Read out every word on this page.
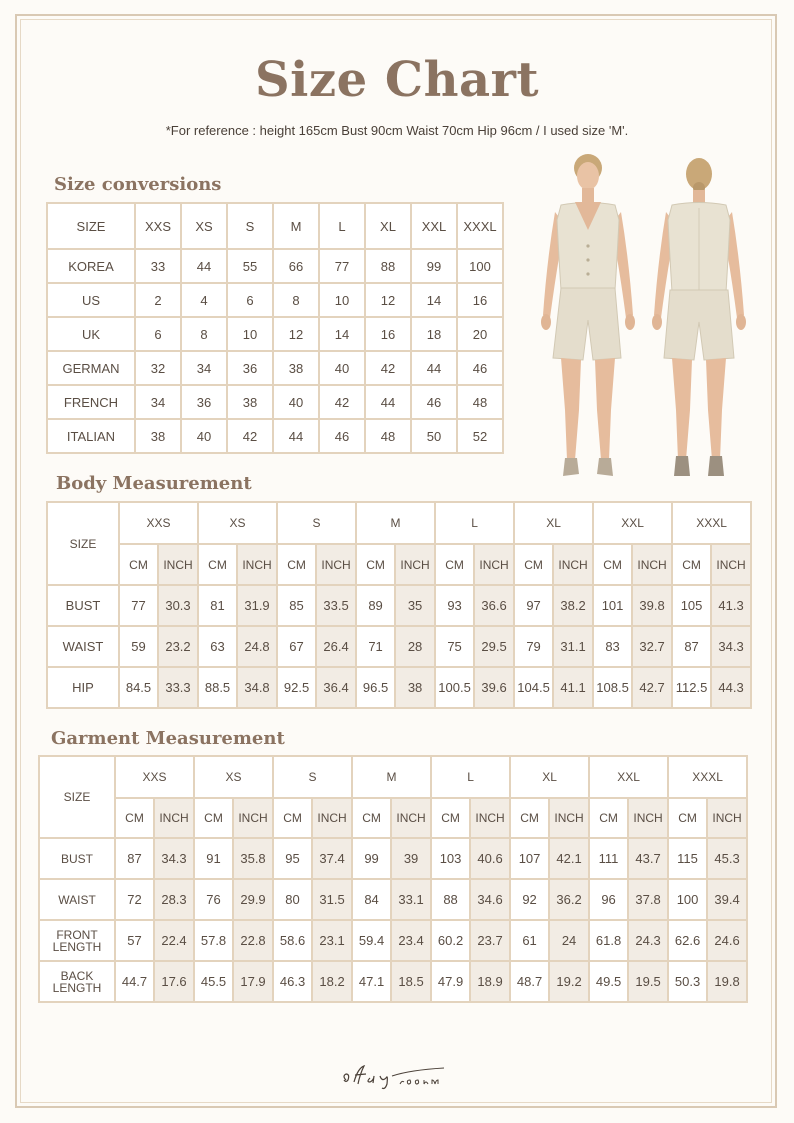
Size Chart
*For reference : height 165cm Bust 90cm Waist 70cm Hip 96cm / I used size 'M'.
Size conversions
SIZE	XXS	XS	S	M	L	XL	XXL	XXXL
KOREA	33	44	55	66	77	88	99	100
US	2	4	6	8	10	12	14	16
UK	6	8	10	12	14	16	18	20
GERMAN	32	34	36	38	40	42	44	46
FRENCH	34	36	38	40	42	44	46	48
ITALIAN	38	40	42	44	46	48	50	52
Body Measurement
SIZE	XXS		XS		S		M		L		XL		XXL		XXXL	
	CM	INCH	CM	INCH	CM	INCH	CM	INCH	CM	INCH	CM	INCH	CM	INCH	CM	INCH
BUST	77	30.3	81	31.9	85	33.5	89	35	93	36.6	97	38.2	101	39.8	105	41.3
WAIST	59	23.2	63	24.8	67	26.4	71	28	75	29.5	79	31.1	83	32.7	87	34.3
HIP	84.5	33.3	88.5	34.8	92.5	36.4	96.5	38	100.5	39.6	104.5	41.1	108.5	42.7	112.5	44.3
Garment Measurement
SIZE	XXS		XS		S		M		L		XL		XXL		XXXL	
	CM	INCH	CM	INCH	CM	INCH	CM	INCH	CM	INCH	CM	INCH	CM	INCH	CM	INCH

BUST	87	34.3	91	35.8	95	37.4	99	39	103	40.6	107	42.1	111	43.7	115	45.3

WAIST	72	28.3	76	29.9	80	31.5	84	33.1	88	34.6	92	36.2	96	37.8	100	39.4

FRONT
LENGTH	57	22.4	57.8	22.8	58.6	23.1	59.4	23.4	60.2	23.7	61	24	61.8	24.3	62.6	24.6

BACK
LENGTH	44.7	17.6	45.5	17.9	46.3	18.2	47.1	18.5	47.9	18.9	48.7	19.2	49.5	19.5	50.3	19.8
